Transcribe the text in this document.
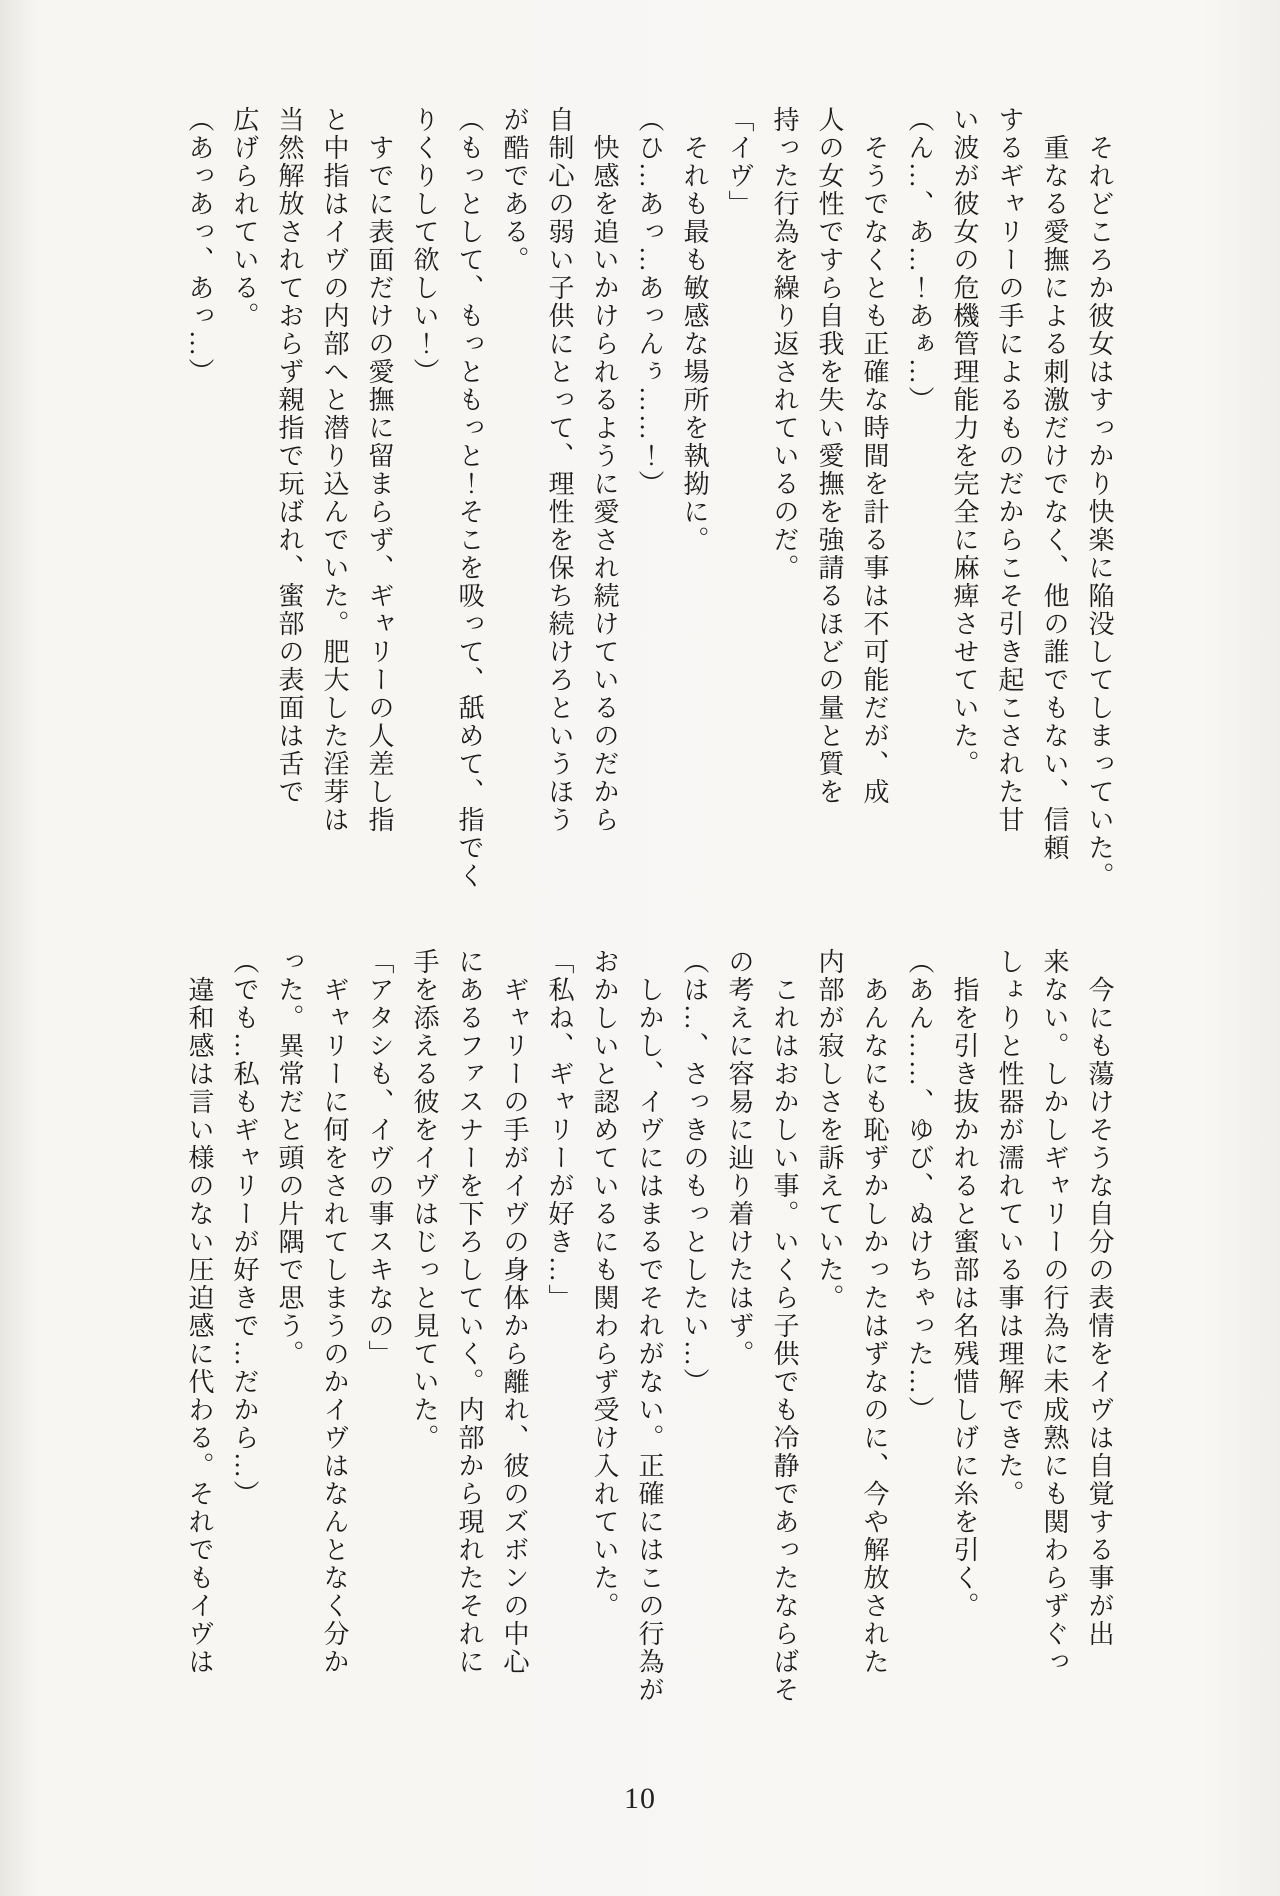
　それどころか彼女はすっかり快楽に陥没してしまっていた。
　重なる愛撫による刺激だけでなく、他の誰でもない、信頼
するギャリーの手によるものだからこそ引き起こされた甘
い波が彼女の危機管理能力を完全に麻痺させていた。
（ん…、あ…！あぁ…）
　そうでなくとも正確な時間を計る事は不可能だが、成
人の女性ですら自我を失い愛撫を強請るほどの量と質を
持った行為を繰り返されているのだ。
「イヴ」
　それも最も敏感な場所を執拗に。
（ひ…あっ…あっんぅ……！）
　快感を追いかけられるように愛され続けているのだから
自制心の弱い子供にとって、理性を保ち続けろというほう
が酷である。
（もっとして、もっともっと！そこを吸って、舐めて、指でく
りくりして欲しい！）
　すでに表面だけの愛撫に留まらず、ギャリーの人差し指
と中指はイヴの内部へと潜り込んでいた。肥大した淫芽は
当然解放されておらず親指で玩ばれ、蜜部の表面は舌で
広げられている。
（あっあっ、あっ…）
　今にも蕩けそうな自分の表情をイヴは自覚する事が出
来ない。しかしギャリーの行為に未成熟にも関わらずぐっ
しょりと性器が濡れている事は理解できた。
　指を引き抜かれると蜜部は名残惜しげに糸を引く。
（あん……、ゆび、ぬけちゃった…）
　あんなにも恥ずかしかったはずなのに、今や解放された
内部が寂しさを訴えていた。
　これはおかしい事。いくら子供でも冷静であったならばそ
の考えに容易に辿り着けたはず。
（は…、さっきのもっとしたい…）
　しかし、イヴにはまるでそれがない。正確にはこの行為が
おかしいと認めているにも関わらず受け入れていた。
「私ね、ギャリーが好き…」
　ギャリーの手がイヴの身体から離れ、彼のズボンの中心
にあるファスナーを下ろしていく。内部から現れたそれに
手を添える彼をイヴはじっと見ていた。
「アタシも、イヴの事スキなの」
　ギャリーに何をされてしまうのかイヴはなんとなく分か
った。異常だと頭の片隅で思う。
（でも…私もギャリーが好きで…だから…）
　違和感は言い様のない圧迫感に代わる。それでもイヴは
10
